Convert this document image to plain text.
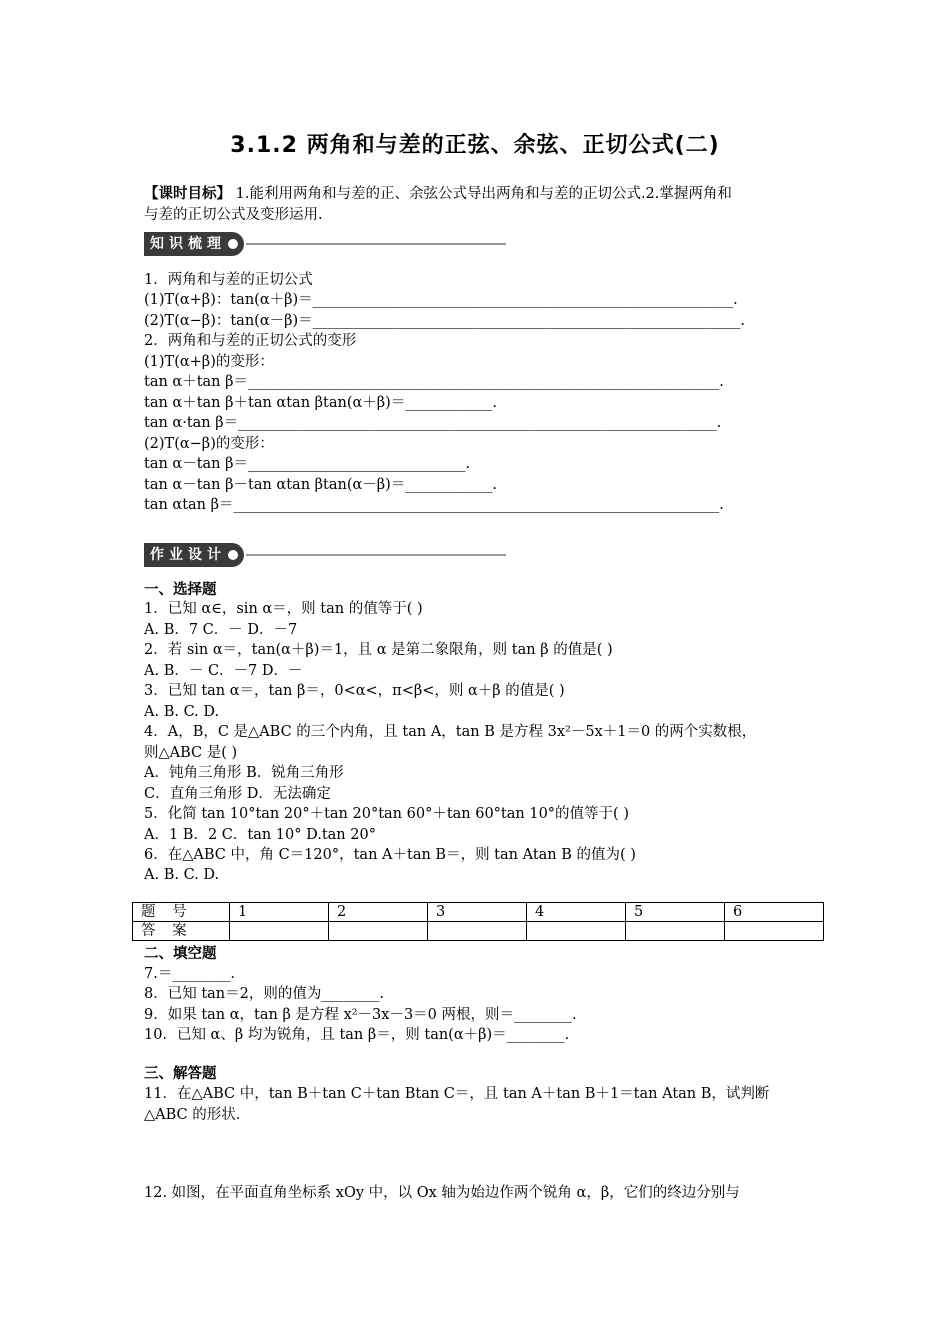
3.1.2 两角和与差的正弦、余弦、正切公式(二)
【课时目标】 1.能利用两角和与差的正、余弦公式导出两角和与差的正切公式.2.掌握两角和
与差的正切公式及变形运用.
知识梳理
1．两角和与差的正切公式
(1)T(α+β)：tan(α＋β)＝__________________________________________________________.
(2)T(α−β)：tan(α－β)＝___________________________________________________________.
2．两角和与差的正切公式的变形
(1)T(α+β)的变形：
tan α＋tan β＝_________________________________________________________________.
tan α＋tan β＋tan αtan βtan(α＋β)＝____________.
tan α·tan β＝__________________________________________________________________.
(2)T(α−β)的变形：
tan α－tan β＝______________________________.
tan α－tan β－tan αtan βtan(α－β)＝____________.
tan αtan β＝___________________________________________________________________.
作业设计
一、选择题
1．已知 α∈，sin α＝，则 tan 的值等于( )
A. B．7 C．－ D．－7
2．若 sin α＝，tan(α＋β)＝1，且 α 是第二象限角，则 tan β 的值是( )
A. B．－ C．－7 D．－
3．已知 tan α＝，tan β＝，0<α<，π<β<，则 α＋β 的值是( )
A. B. C. D.
4．A，B，C 是△ABC 的三个内角，且 tan A，tan B 是方程 3x²－5x＋1＝0 的两个实数根，
则△ABC 是( )
A．钝角三角形 B．锐角三角形
C．直角三角形 D．无法确定
5．化简 tan 10°tan 20°＋tan 20°tan 60°＋tan 60°tan 10°的值等于( )
A．1 B．2 C．tan 10° D.tan 20°
6．在△ABC 中，角 C＝120°，tan A＋tan B＝，则 tan Atan B 的值为( )
A. B. C. D.
题 号	1	2	3	4	5	6
答 案						
二、填空题
7.＝________.
8．已知 tan＝2，则的值为________.
9．如果 tan α，tan β 是方程 x²－3x－3＝0 两根，则＝________.
10．已知 α、β 均为锐角，且 tan β＝，则 tan(α＋β)＝________.
三、解答题
11．在△ABC 中，tan B＋tan C＋tan Btan C＝，且 tan A＋tan B＋1＝tan Atan B，试判断
△ABC 的形状.
12. 如图，在平面直角坐标系 xOy 中，以 Ox 轴为始边作两个锐角 α，β，它们的终边分别与
